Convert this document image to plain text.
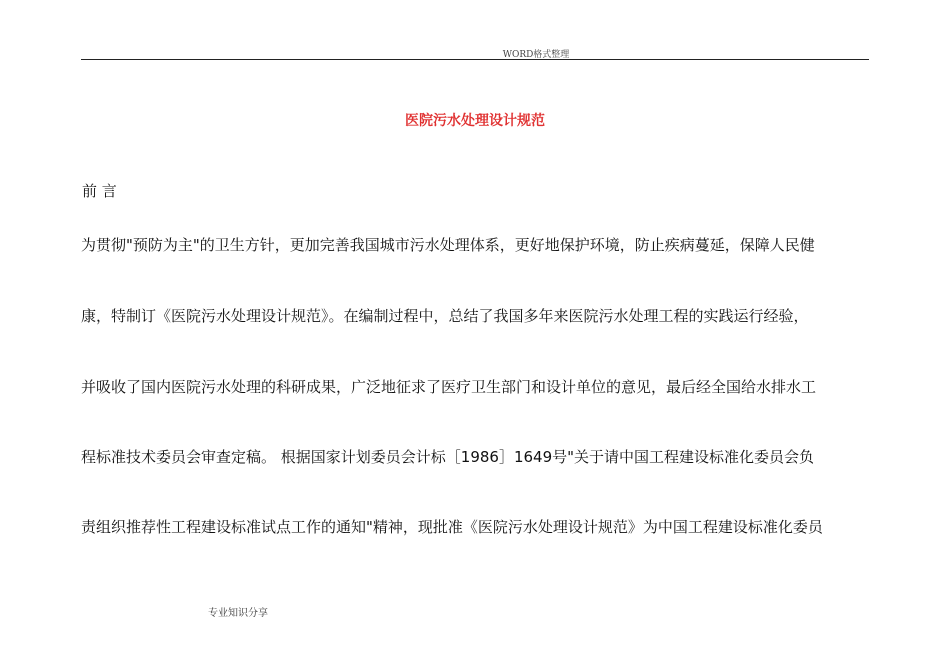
WORD格式整理
医院污水处理设计规范
前 言
为贯彻"预防为主"的卫生方针，更加完善我国城市污水处理体系，更好地保护环境，防止疾病蔓延，保障人民健
康，特制订《医院污水处理设计规范》。在编制过程中，总结了我国多年来医院污水处理工程的实践运行经验，
并吸收了国内医院污水处理的科研成果，广泛地征求了医疗卫生部门和设计单位的意见，最后经全国给水排水工
程标准技术委员会审查定稿。 根据国家计划委员会计标［1986］1649号"关于请中国工程建设标准化委员会负
责组织推荐性工程建设标准试点工作的通知"精神，现批准《医院污水处理设计规范》为中国工程建设标准化委员
专业知识分享
